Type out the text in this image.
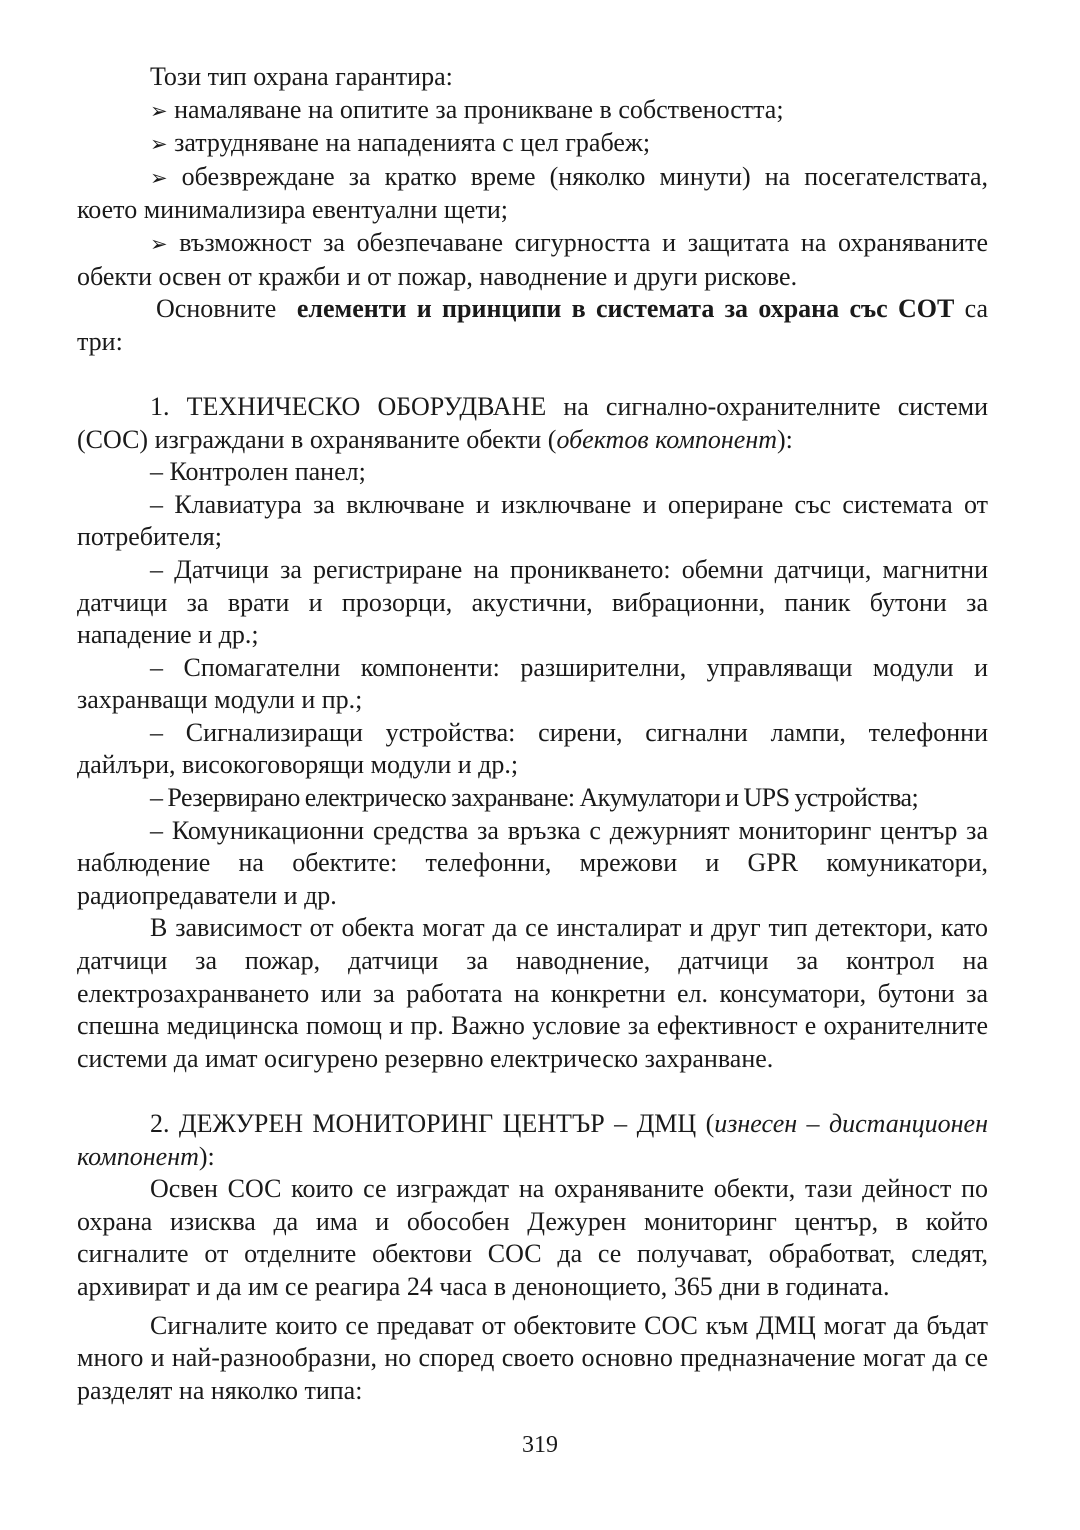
Този тип охрана гарантира:

➢ намаляване на опитите за проникване в собствеността;

➢ затрудняване на нападенията с цел грабеж;

➢ обезвреждане за кратко време (няколко минути) на посегателствата, което минимализира евентуални щети;

➢ възможност за обезпечаване сигурността и защитата на охраняваните обекти освен от кражби и от пожар, наводнение и други рискове.

Основните елементи и принципи в системата за охрана със СОТ са три:

1. ТЕХНИЧЕСКО ОБОРУДВАНЕ на сигнално-охранителните системи (СОС) изграждани в охраняваните обекти (обектов компонент):

– Контролен панел;

– Клавиатура за включване и изключване и опериране със системата от потребителя;

– Датчици за регистриране на проникването: обемни датчици, магнитни датчици за врати и прозорци, акустични, вибрационни, паник бутони за нападение и др.;

– Спомагателни компоненти: разширителни, управляващи модули и захранващи модули и пр.;

– Сигнализиращи устройства: сирени, сигнални лампи, телефонни дайлъри, високоговорящи модули и др.;

– Резервирано електрическо захранване: Акумулатори и UPS устройства;

– Комуникационни средства за връзка с дежурният мониторинг център за наблюдение на обектите: телефонни, мрежови и GPR комуникатори, радиопредаватели и др.

В зависимост от обекта могат да се инсталират и друг тип детектори, като датчици за пожар, датчици за наводнение, датчици за контрол на електрозахранването или за работата на конкретни ел. консуматори, бутони за спешна медицинска помощ и пр. Важно условие за ефективност е охранителните системи да имат осигурено резервно електрическо захранване.

2. ДЕЖУРЕН МОНИТОРИНГ ЦЕНТЪР – ДМЦ (изнесен – дистанционен компонент):

Освен СОС които се изграждат на охраняваните обекти, тази дейност по охрана изисква да има и обособен Дежурен мониторинг център, в който сигналите от отделните обектови СОС да се получават, обработват, следят, архивират и да им се реагира 24 часа в денонощието, 365 дни в годината.

Сигналите които се предават от обектовите СОС към ДМЦ могат да бъдат много и най-разнообразни, но според своето основно предназначение могат да се разделят на няколко типа:

319
